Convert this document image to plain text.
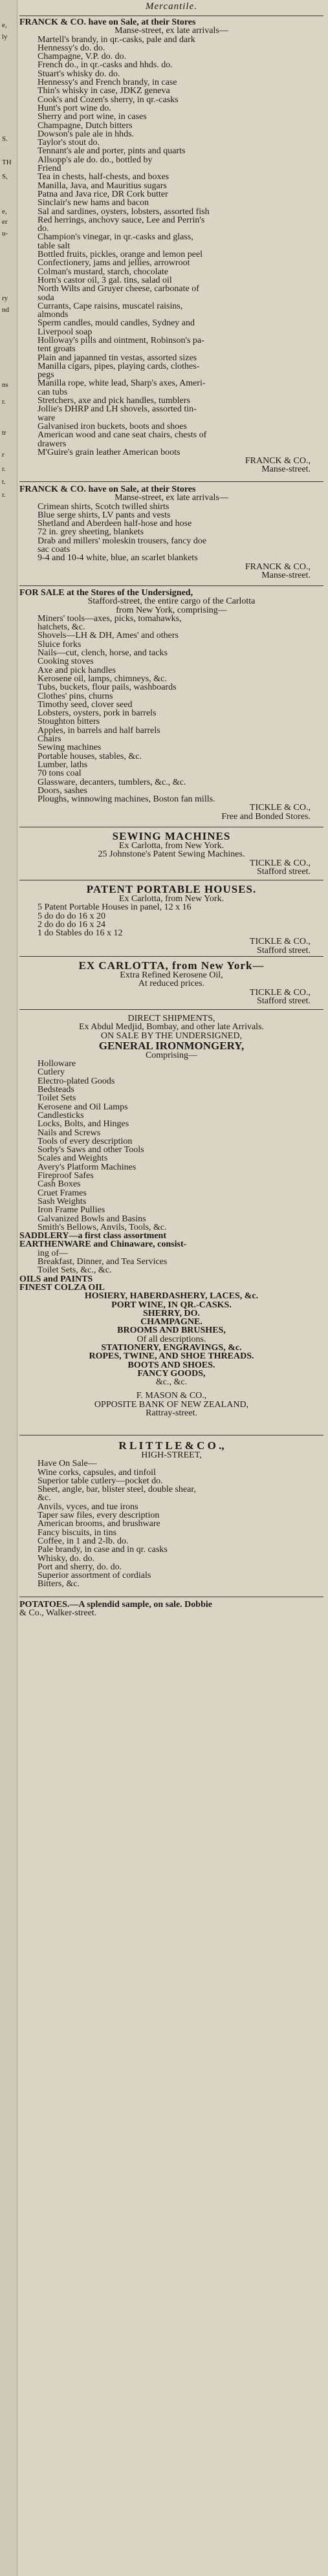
e,
ly
S.
TH
S,
e,
er
u-
ry
nd
ns
r.
tr
r
r.
t.
r.
Mercantile.
FRANCK & CO. have on Sale, at their Stores
Manse-street, ex late arrivals—
Martell's brandy, in qr.-casks, pale and dark
Hennessy's do. do.
Champagne, V.P. do. do.
French do., in qr.-casks and hhds. do.
Stuart's whisky do. do.
Hennessy's and French brandy, in case
Thin's whisky in case, JDKZ geneva
Cook's and Cozen's sherry, in qr.-casks
Hunt's port wine do.
Sherry and port wine, in cases
Champagne, Dutch bitters
Dowson's pale ale in hhds.
Taylor's stout do.
Tennant's ale and porter, pints and quarts
Allsopp's ale do. do., bottled by
Friend
Tea in chests, half-chests, and boxes
Manilla, Java, and Mauritius sugars
Patna and Java rice, DR Cork butter
Sinclair's new hams and bacon
Sal and sardines, oysters, lobsters, assorted fish
Red herrings, anchovy sauce, Lee and Perrin's
do.
Champion's vinegar, in qr.-casks and glass,
table salt
Bottled fruits, pickles, orange and lemon peel
Confectionery, jams and jellies, arrowroot
Colman's mustard, starch, chocolate
Horn's castor oil, 3 gal. tins, salad oil
North Wilts and Gruyer cheese, carbonate of
soda
Currants, Cape raisins, muscatel raisins,
almonds
Sperm candles, mould candles, Sydney and
Liverpool soap
Holloway's pills and ointment, Robinson's pa-
tent groats
Plain and japanned tin vestas, assorted sizes
Manilla cigars, pipes, playing cards, clothes-
pegs
Manilla rope, white lead, Sharp's axes, Ameri-
can tubs
Stretchers, axe and pick handles, tumblers
Jollie's DHRP and LH shovels, assorted tin-
ware
Galvanised iron buckets, boots and shoes
American wood and cane seat chairs, chests of
drawers
M'Guire's grain leather American boots
FRANCK & CO.,
Manse-street.
FRANCK & CO. have on Sale, at their Stores
Manse-street, ex late arrivals—
Crimean shirts, Scotch twilled shirts
Blue serge shirts, LV pants and vests
Shetland and Aberdeen half-hose and hose
72 in. grey sheeting, blankets
Drab and millers' moleskin trousers, fancy doe
sac coats
9-4 and 10-4 white, blue, an scarlet blankets
FRANCK & CO.,
Manse-street.
FOR SALE at the Stores of the Undersigned,
Stafford-street, the entire cargo of the Carlotta
from New York, comprising—
Miners' tools—axes, picks, tomahawks,
hatchets, &c.
Shovels—LH & DH, Ames' and others
Sluice forks
Nails—cut, clench, horse, and tacks
Cooking stoves
Axe and pick handles
Kerosene oil, lamps, chimneys, &c.
Tubs, buckets, flour pails, washboards
Clothes' pins, churns
Timothy seed, clover seed
Lobsters, oysters, pork in barrels
Stoughton bitters
Apples, in barrels and half barrels
Chairs
Sewing machines
Portable houses, stables, &c.
Lumber, laths
70 tons coal
Glassware, decanters, tumblers, &c., &c.
Doors, sashes
Ploughs, winnowing machines, Boston fan mills.
TICKLE & CO.,
Free and Bonded Stores.
SEWING MACHINES
Ex Carlotta, from New York.
25 Johnstone's Patent Sewing Machines.
TICKLE & CO.,
Stafford street.
PATENT PORTABLE HOUSES.
Ex Carlotta, from New York.
5 Patent Portable Houses in panel, 12 x 16
5 do do do 16 x 20
2 do do do 16 x 24
1 do Stables do 16 x 12
TICKLE & CO.,
Stafford street.
EX CARLOTTA, from New York—
Extra Refined Kerosene Oil,
At reduced prices.
TICKLE & CO.,
Stafford street.
DIRECT SHIPMENTS,
Ex Abdul Medjid, Bombay, and other late Arrivals.
ON SALE BY THE UNDERSIGNED,
GENERAL IRONMONGERY,
Comprising—
Holloware
Cutlery
Electro-plated Goods
Bedsteads
Toilet Sets
Kerosene and Oil Lamps
Candlesticks
Locks, Bolts, and Hinges
Nails and Screws
Tools of every description
Sorby's Saws and other Tools
Scales and Weights
Avery's Platform Machines
Fireproof Safes
Cash Boxes
Cruet Frames
Sash Weights
Iron Frame Pullies
Galvanized Bowls and Basins
Smith's Bellows, Anvils, Tools, &c.
SADDLERY—a first class assortment
EARTHENWARE and Chinaware, consist-
ing of—
Breakfast, Dinner, and Tea Services
Toilet Sets, &c., &c.
OILS and PAINTS
FINEST COLZA OIL
HOSIERY, HABERDASHERY, LACES, &c.
PORT WINE, IN QR.-CASKS.
SHERRY, DO.
CHAMPAGNE.
BROOMS AND BRUSHES,
Of all descriptions.
STATIONERY, ENGRAVINGS, &c.
ROPES, TWINE, AND SHOE THREADS.
BOOTS AND SHOES.
FANCY GOODS,
&c., &c.
F. MASON & CO.,
OPPOSITE BANK OF NEW ZEALAND,
Rattray-street.
R L I T T L E & C O .,
HIGH-STREET,
Have On Sale—
Wine corks, capsules, and tinfoil
Superior table cutlery—pocket do.
Sheet, angle, bar, blister steel, double shear,
&c.
Anvils, vyces, and tue irons
Taper saw files, every description
American brooms, and brushware
Fancy biscuits, in tins
Coffee, in 1 and 2-lb. do.
Pale brandy, in case and in qr. casks
Whisky, do. do.
Port and sherry, do. do.
Superior assortment of cordials
Bitters, &c.
POTATOES.—A splendid sample, on sale. Dobbie
& Co., Walker-street.
